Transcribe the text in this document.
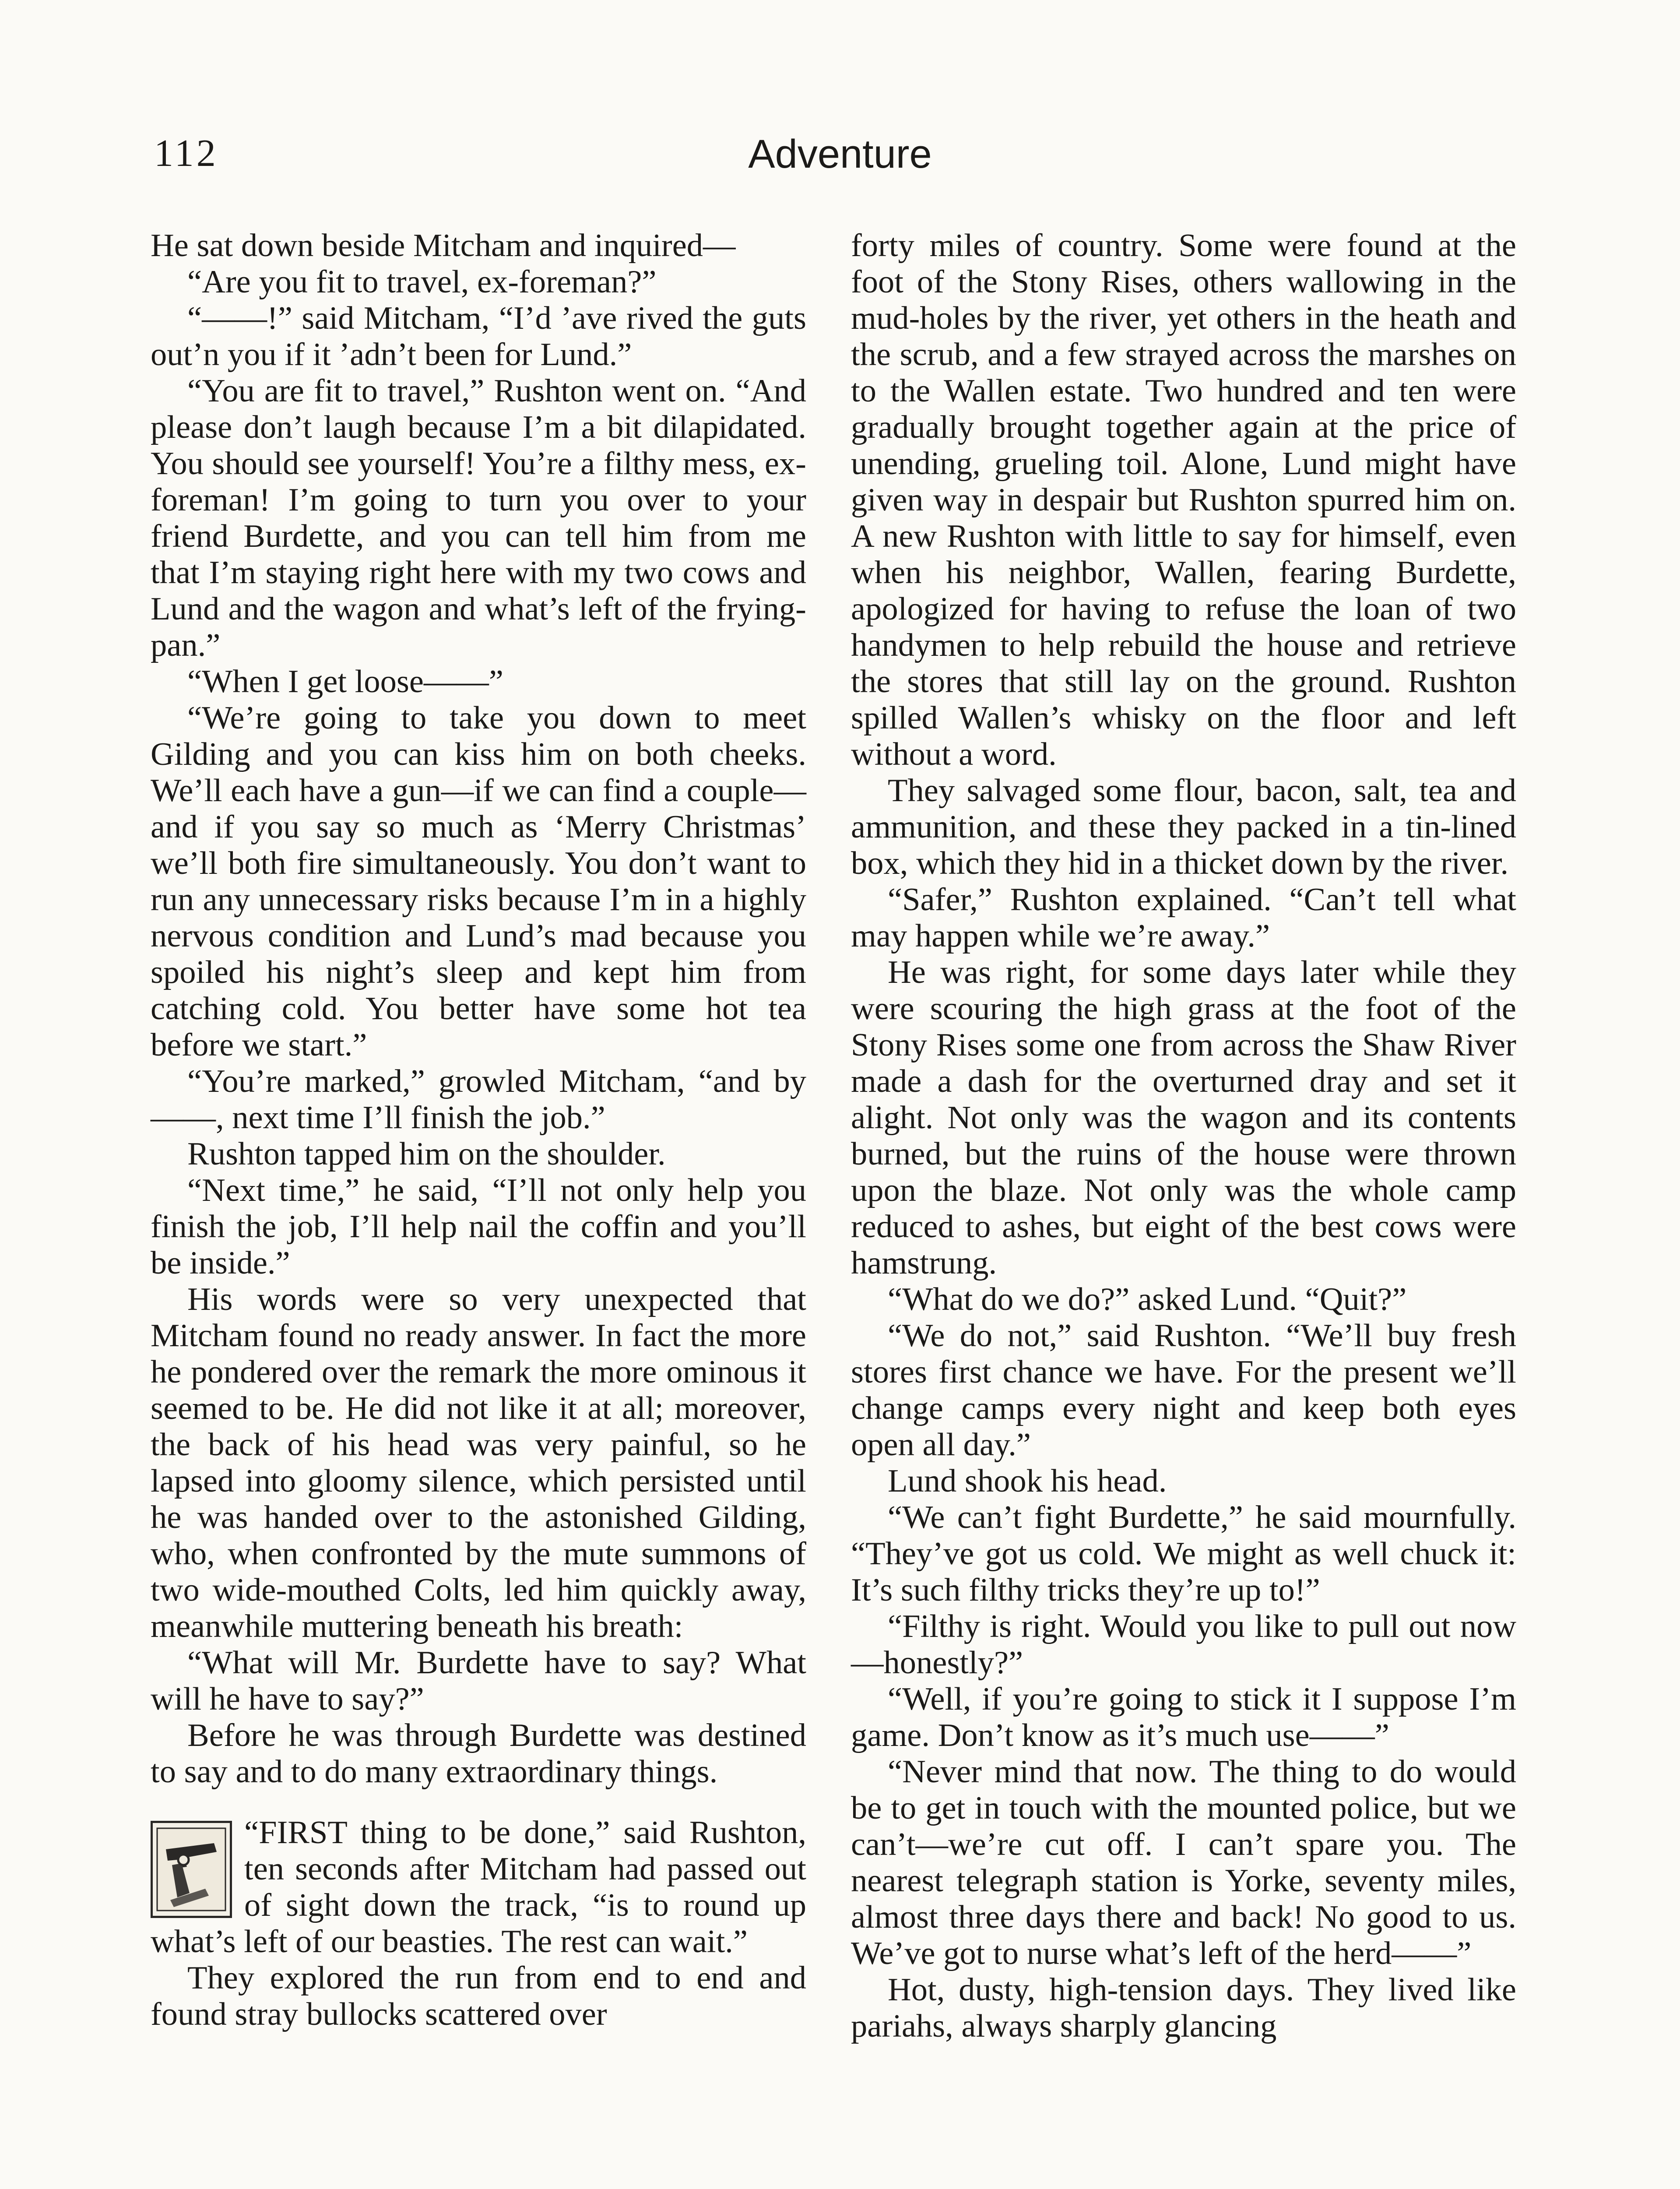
112	Adventure

He sat down beside Mitcham and inquired—

“Are you fit to travel, ex-foreman?”

“——!” said Mitcham, “I’d ’ave rived the guts out’n you if it ’adn’t been for Lund.”

“You are fit to travel,” Rushton went on. “And please don’t laugh because I’m a bit dilapidated. You should see yourself! You’re a filthy mess, ex-foreman! I’m going to turn you over to your friend Burdette, and you can tell him from me that I’m staying right here with my two cows and Lund and the wagon and what’s left of the frying-pan.”

“When I get loose——”

“We’re going to take you down to meet Gilding and you can kiss him on both cheeks. We’ll each have a gun—if we can find a couple—and if you say so much as ‘Merry Christmas’ we’ll both fire simultaneously. You don’t want to run any unnecessary risks because I’m in a highly nervous condition and Lund’s mad because you spoiled his night’s sleep and kept him from catching cold. You better have some hot tea before we start.”

“You’re marked,” growled Mitcham, “and by ——, next time I’ll finish the job.”

Rushton tapped him on the shoulder.

“Next time,” he said, “I’ll not only help you finish the job, I’ll help nail the coffin and you’ll be inside.”

His words were so very unexpected that Mitcham found no ready answer. In fact the more he pondered over the remark the more ominous it seemed to be. He did not like it at all; moreover, the back of his head was very painful, so he lapsed into gloomy silence, which persisted until he was handed over to the astonished Gilding, who, when confronted by the mute summons of two wide-mouthed Colts, led him quickly away, meanwhile muttering beneath his breath:

“What will Mr. Burdette have to say? What will he have to say?”

Before he was through Burdette was destined to say and to do many extraordinary things.

“FIRST thing to be done,” said Rushton, ten seconds after Mitcham had passed out of sight down the track, “is to round up what’s left of our beasties. The rest can wait.”

They explored the run from end to end and found stray bullocks scattered over

forty miles of country. Some were found at the foot of the Stony Rises, others wallowing in the mud-holes by the river, yet others in the heath and the scrub, and a few strayed across the marshes on to the Wallen estate. Two hundred and ten were gradually brought together again at the price of unending, grueling toil. Alone, Lund might have given way in despair but Rushton spurred him on. A new Rushton with little to say for himself, even when his neighbor, Wallen, fearing Burdette, apologized for having to refuse the loan of two handymen to help rebuild the house and retrieve the stores that still lay on the ground. Rushton spilled Wallen’s whisky on the floor and left without a word.

They salvaged some flour, bacon, salt, tea and ammunition, and these they packed in a tin-lined box, which they hid in a thicket down by the river.

“Safer,” Rushton explained. “Can’t tell what may happen while we’re away.”

He was right, for some days later while they were scouring the high grass at the foot of the Stony Rises some one from across the Shaw River made a dash for the overturned dray and set it alight. Not only was the wagon and its contents burned, but the ruins of the house were thrown upon the blaze. Not only was the whole camp reduced to ashes, but eight of the best cows were hamstrung.

“What do we do?” asked Lund. “Quit?”

“We do not,” said Rushton. “We’ll buy fresh stores first chance we have. For the present we’ll change camps every night and keep both eyes open all day.”

Lund shook his head.

“We can’t fight Burdette,” he said mournfully. “They’ve got us cold. We might as well chuck it: It’s such filthy tricks they’re up to!”

“Filthy is right. Would you like to pull out now—honestly?”

“Well, if you’re going to stick it I suppose I’m game. Don’t know as it’s much use——”

“Never mind that now. The thing to do would be to get in touch with the mounted police, but we can’t—we’re cut off. I can’t spare you. The nearest telegraph station is Yorke, seventy miles, almost three days there and back! No good to us. We’ve got to nurse what’s left of the herd——”

Hot, dusty, high-tension days. They lived like pariahs, always sharply glancing
